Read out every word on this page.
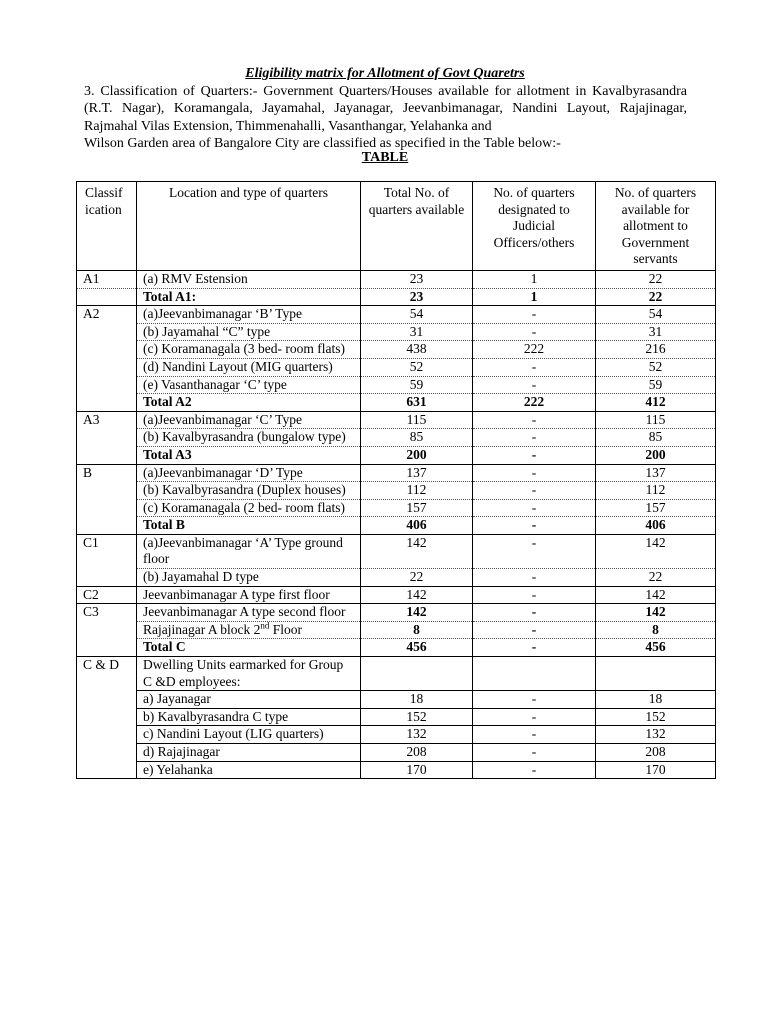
Eligibility matrix for Allotment of Govt Quaretrs
3. Classification of Quarters:- Government Quarters/Houses available for allotment in Kavalbyrasandra (R.T. Nagar), Koramangala, Jayamahal, Jayanagar, Jeevanbimanagar, Nandini Layout, Rajajinagar, Rajmahal Vilas Extension, Thimmenahalli, Vasanthangar, Yelahanka and
Wilson Garden area of Bangalore City are classified as specified in the Table below:-
TABLE
Classif ication	Location and type of quarters	Total No. of quarters available	No. of quarters designated to Judicial Officers/others	No. of quarters available for allotment to Government servants
A1	(a) RMV Estension	23	1	22
	Total A1:	23	1	22
A2	(a)Jeevanbimanagar ‘B’ Type	54	-	54
	(b) Jayamahal “C” type	31	-	31
	(c) Koramanagala (3 bed- room flats)	438	222	216
	(d) Nandini Layout (MIG quarters)	52	-	52
	(e) Vasanthanagar ‘C’ type	59	-	59
	Total A2	631	222	412
A3	(a)Jeevanbimanagar ‘C’ Type	115	-	115
	(b) Kavalbyrasandra (bungalow type)	85	-	85
	Total A3	200	-	200
B	(a)Jeevanbimanagar ‘D’ Type	137	-	137
	(b) Kavalbyrasandra (Duplex houses)	112	-	112
	(c) Koramanagala (2 bed- room flats)	157	-	157
	Total B	406	-	406
C1	(a)Jeevanbimanagar ‘A’ Type ground floor	142	-	142
	(b) Jayamahal D type	22	-	22
C2	Jeevanbimanagar A type first floor	142	-	142
C3	Jeevanbimanagar A type second floor	142	-	142
	Rajajinagar A block 2nd Floor	8	-	8
	Total C	456	-	456
C & D	Dwelling Units earmarked for Group C &D employees:			
	a) Jayanagar	18	-	18
	b) Kavalbyrasandra C type	152	-	152
	c) Nandini Layout (LIG quarters)	132	-	132
	d) Rajajinagar	208	-	208
	e) Yelahanka	170	-	170
